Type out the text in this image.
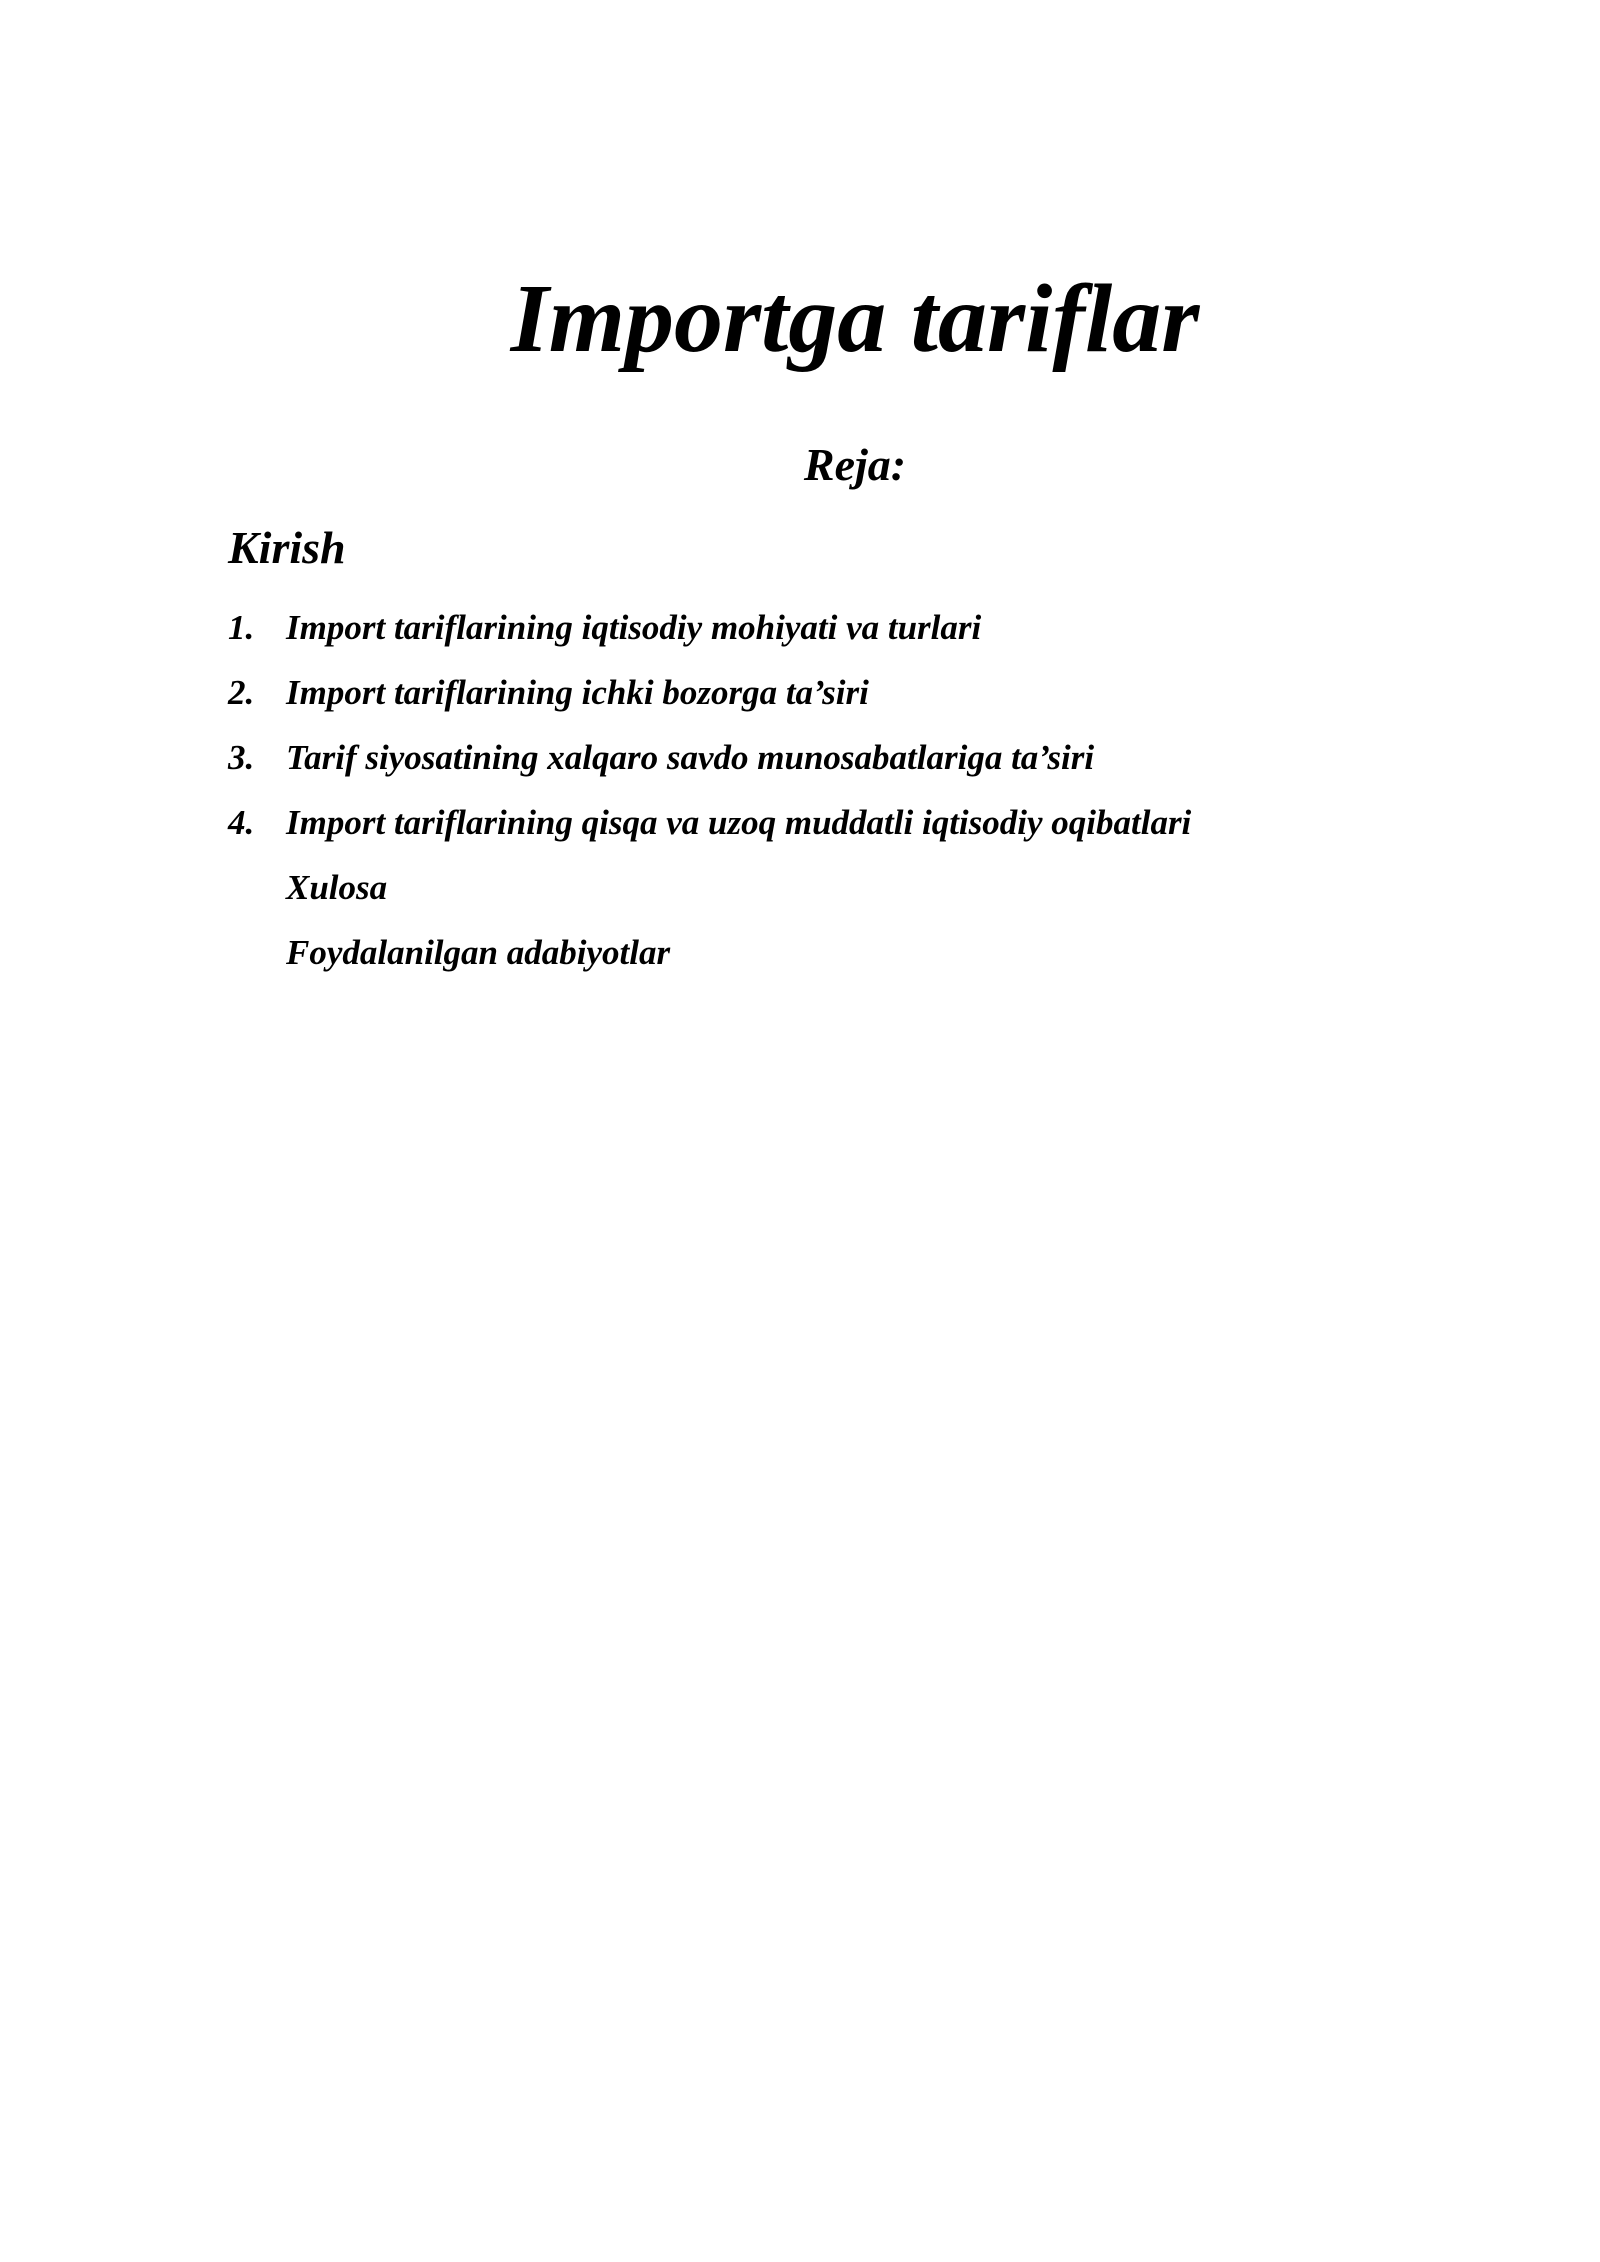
Importga tariflar
Reja:
Kirish
1. Import tariflarining iqtisodiy mohiyati va turlari
2. Import tariflarining ichki bozorga ta’siri
3. Tarif siyosatining xalqaro savdo munosabatlariga ta’siri
4. Import tariflarining qisqa va uzoq muddatli iqtisodiy oqibatlari
Xulosa
Foydalanilgan adabiyotlar
